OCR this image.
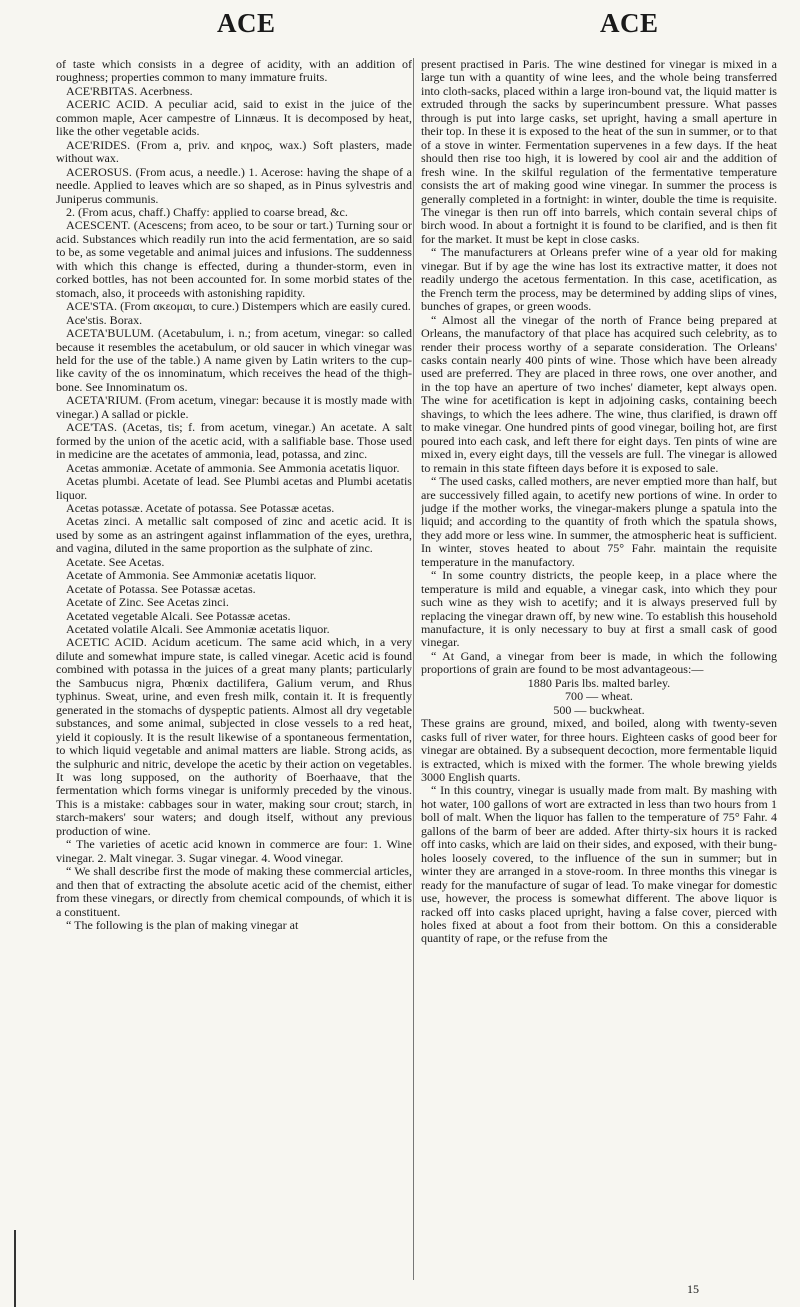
ACE	ACE

of taste which consists in a degree of acidity, with an addition of roughness; properties common to many immature fruits.

ACE'RBITAS. Acerbness.

ACERIC ACID. A peculiar acid, said to exist in the juice of the common maple, Acer campestre of Linnæus. It is decomposed by heat, like the other vegetable acids.

ACE'RIDES. (From a, priv. and κηρος, wax.) Soft plasters, made without wax.

ACEROSUS. (From acus, a needle.) 1. Acerose: having the shape of a needle. Applied to leaves which are so shaped, as in Pinus sylvestris and Juniperus communis.

2. (From acus, chaff.) Chaffy: applied to coarse bread, &c.

ACESCENT. (Acescens; from aceo, to be sour or tart.) Turning sour or acid. Substances which readily run into the acid fermentation, are so said to be, as some vegetable and animal juices and infusions. The suddenness with which this change is effected, during a thunder-storm, even in corked bottles, has not been accounted for. In some morbid states of the stomach, also, it proceeds with astonishing rapidity.

ACE'STA. (From ακεομαι, to cure.) Distempers which are easily cured.

Ace'stis. Borax.

ACETA'BULUM. (Acetabulum, i. n.; from acetum, vinegar: so called because it resembles the acetabulum, or old saucer in which vinegar was held for the use of the table.) A name given by Latin writers to the cup-like cavity of the os innominatum, which receives the head of the thigh-bone. See Innominatum os.

ACETA'RIUM. (From acetum, vinegar: because it is mostly made with vinegar.) A sallad or pickle.

ACE'TAS. (Acetas, tis; f. from acetum, vinegar.) An acetate. A salt formed by the union of the acetic acid, with a salifiable base. Those used in medicine are the acetates of ammonia, lead, potassa, and zinc.

Acetas ammoniæ. Acetate of ammonia. See Ammonia acetatis liquor.

Acetas plumbi. Acetate of lead. See Plumbi acetas and Plumbi acetatis liquor.

Acetas potassæ. Acetate of potassa. See Potassæ acetas.

Acetas zinci. A metallic salt composed of zinc and acetic acid. It is used by some as an astringent against inflammation of the eyes, urethra, and vagina, diluted in the same proportion as the sulphate of zinc.

Acetate. See Acetas.

Acetate of Ammonia. See Ammoniæ acetatis liquor.

Acetate of Potassa. See Potassæ acetas.

Acetate of Zinc. See Acetas zinci.

Acetated vegetable Alcali. See Potassæ acetas.

Acetated volatile Alcali. See Ammoniæ acetatis liquor.

ACETIC ACID. Acidum aceticum. The same acid which, in a very dilute and somewhat impure state, is called vinegar. Acetic acid is found combined with potassa in the juices of a great many plants; particularly the Sambucus nigra, Phœnix dactilifera, Galium verum, and Rhus typhinus. Sweat, urine, and even fresh milk, contain it. It is frequently generated in the stomachs of dyspeptic patients. Almost all dry vegetable substances, and some animal, subjected in close vessels to a red heat, yield it copiously. It is the result likewise of a spontaneous fermentation, to which liquid vegetable and animal matters are liable. Strong acids, as the sulphuric and nitric, develope the acetic by their action on vegetables. It was long supposed, on the authority of Boerhaave, that the fermentation which forms vinegar is uniformly preceded by the vinous. This is a mistake: cabbages sour in water, making sour crout; starch, in starch-makers' sour waters; and dough itself, without any previous production of wine.

“ The varieties of acetic acid known in commerce are four: 1. Wine vinegar. 2. Malt vinegar. 3. Sugar vinegar. 4. Wood vinegar.

“ We shall describe first the mode of making these commercial articles, and then that of extracting the absolute acetic acid of the chemist, either from these vinegars, or directly from chemical compounds, of which it is a constituent.

“ The following is the plan of making vinegar at

present practised in Paris. The wine destined for vinegar is mixed in a large tun with a quantity of wine lees, and the whole being transferred into cloth-sacks, placed within a large iron-bound vat, the liquid matter is extruded through the sacks by superincumbent pressure. What passes through is put into large casks, set upright, having a small aperture in their top. In these it is exposed to the heat of the sun in summer, or to that of a stove in winter. Fermentation supervenes in a few days. If the heat should then rise too high, it is lowered by cool air and the addition of fresh wine. In the skilful regulation of the fermentative temperature consists the art of making good wine vinegar. In summer the process is generally completed in a fortnight: in winter, double the time is requisite. The vinegar is then run off into barrels, which contain several chips of birch wood. In about a fortnight it is found to be clarified, and is then fit for the market. It must be kept in close casks.

“ The manufacturers at Orleans prefer wine of a year old for making vinegar. But if by age the wine has lost its extractive matter, it does not readily undergo the acetous fermentation. In this case, acetification, as the French term the process, may be determined by adding slips of vines, bunches of grapes, or green woods.

“ Almost all the vinegar of the north of France being prepared at Orleans, the manufactory of that place has acquired such celebrity, as to render their process worthy of a separate consideration. The Orleans' casks contain nearly 400 pints of wine. Those which have been already used are preferred. They are placed in three rows, one over another, and in the top have an aperture of two inches' diameter, kept always open. The wine for acetification is kept in adjoining casks, containing beech shavings, to which the lees adhere. The wine, thus clarified, is drawn off to make vinegar. One hundred pints of good vinegar, boiling hot, are first poured into each cask, and left there for eight days. Ten pints of wine are mixed in, every eight days, till the vessels are full. The vinegar is allowed to remain in this state fifteen days before it is exposed to sale.

“ The used casks, called mothers, are never emptied more than half, but are successively filled again, to acetify new portions of wine. In order to judge if the mother works, the vinegar-makers plunge a spatula into the liquid; and according to the quantity of froth which the spatula shows, they add more or less wine. In summer, the atmospheric heat is sufficient. In winter, stoves heated to about 75° Fahr. maintain the requisite temperature in the manufactory.

“ In some country districts, the people keep, in a place where the temperature is mild and equable, a vinegar cask, into which they pour such wine as they wish to acetify; and it is always preserved full by replacing the vinegar drawn off, by new wine. To establish this household manufacture, it is only necessary to buy at first a small cask of good vinegar.

“ At Gand, a vinegar from beer is made, in which the following proportions of grain are found to be most advantageous:—

1880 Paris lbs. malted barley.

700 — wheat.

500 — buckwheat.

These grains are ground, mixed, and boiled, along with twenty-seven casks full of river water, for three hours. Eighteen casks of good beer for vinegar are obtained. By a subsequent decoction, more fermentable liquid is extracted, which is mixed with the former. The whole brewing yields 3000 English quarts.

“ In this country, vinegar is usually made from malt. By mashing with hot water, 100 gallons of wort are extracted in less than two hours from 1 boll of malt. When the liquor has fallen to the temperature of 75° Fahr. 4 gallons of the barm of beer are added. After thirty-six hours it is racked off into casks, which are laid on their sides, and exposed, with their bung-holes loosely covered, to the influence of the sun in summer; but in winter they are arranged in a stove-room. In three months this vinegar is ready for the manufacture of sugar of lead. To make vinegar for domestic use, however, the process is somewhat different. The above liquor is racked off into casks placed upright, having a false cover, pierced with holes fixed at about a foot from their bottom. On this a considerable quantity of rape, or the refuse from the

15
